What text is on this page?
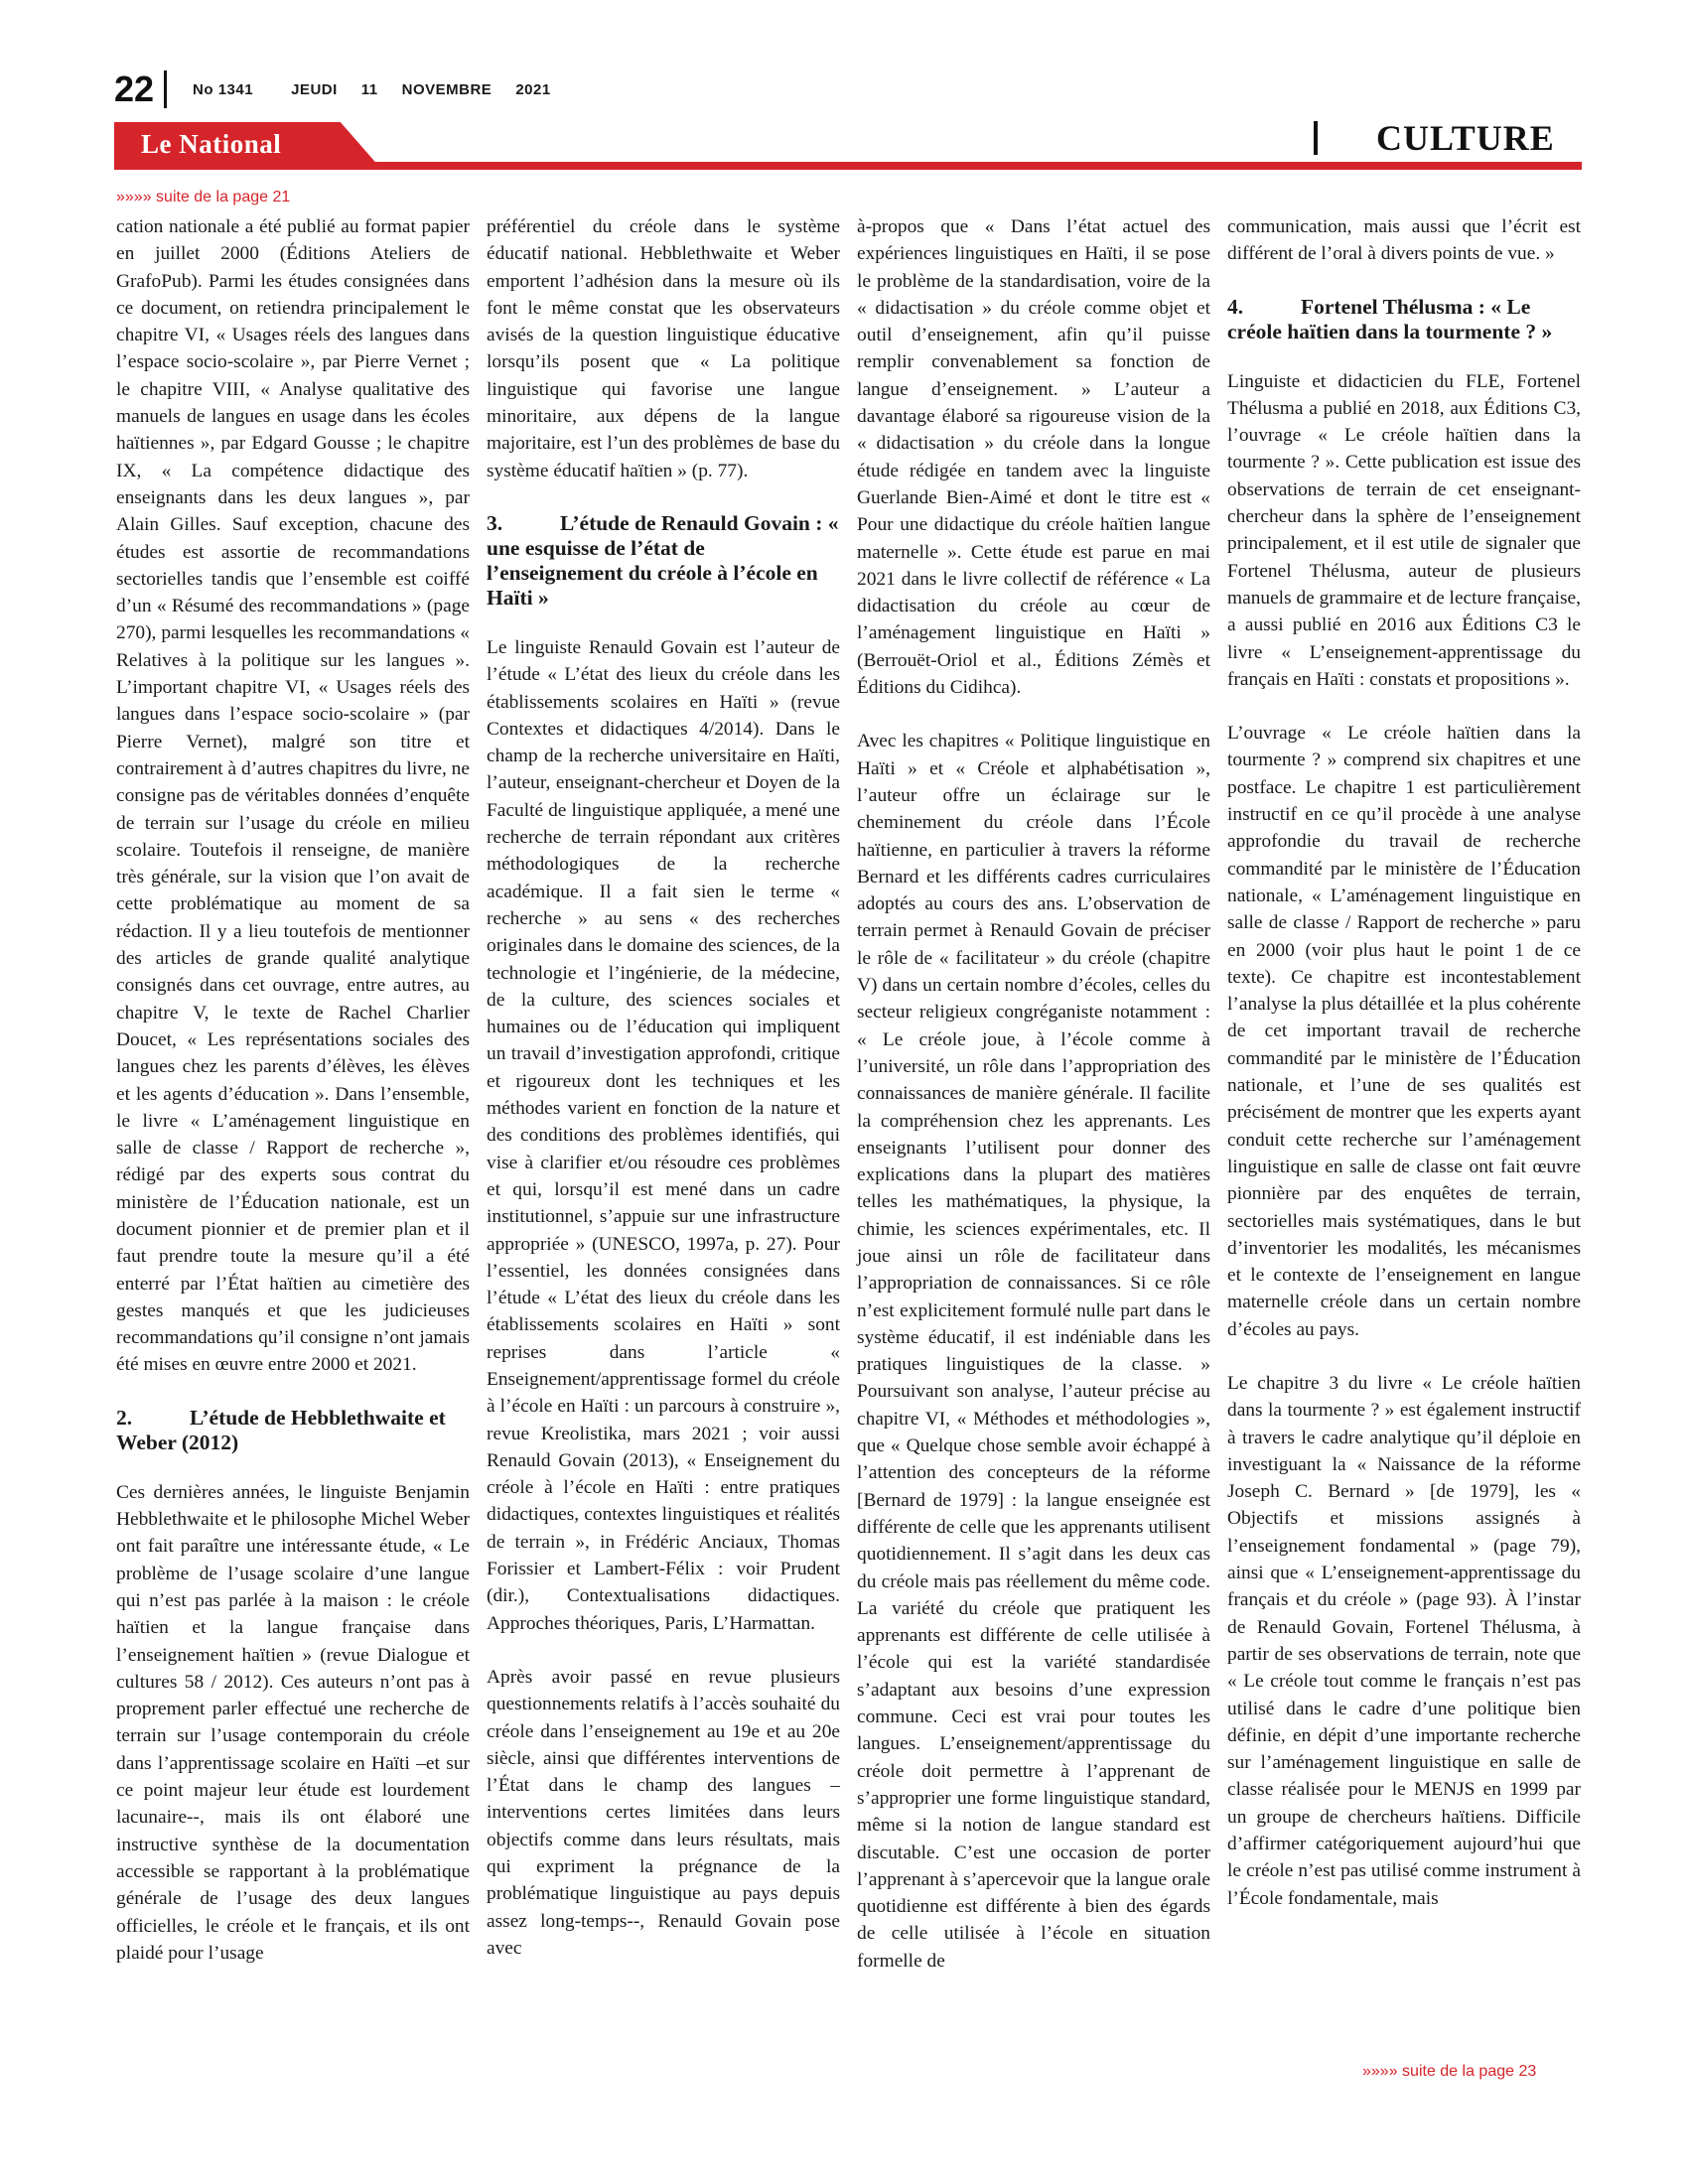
22	No 1341	JEUDI 11 NOVEMBRE 2021
Le National	CULTURE
»»»» suite de la page 21

cation nationale a été publié au format papier en juillet 2000 (Éditions Ateliers de GrafoPub). Parmi les études consignées dans ce document, on retiendra principalement le chapitre VI, « Usages réels des langues dans l’espace socio-scolaire », par Pierre Vernet ; le chapitre VIII, « Analyse qualitative des manuels de langues en usage dans les écoles haïtiennes », par Edgard Gousse ; le chapitre IX, « La compétence didactique des enseignants dans les deux langues », par Alain Gilles. Sauf exception, chacune des études est assortie de recommandations sectorielles tandis que l’ensemble est coiffé d’un « Résumé des recommandations » (page 270), parmi lesquelles les recommandations « Relatives à la politique sur les langues ». L’important chapitre VI, « Usages réels des langues dans l’espace socio-scolaire » (par Pierre Vernet), malgré son titre et contrairement à d’autres chapitres du livre, ne consigne pas de véritables données d’enquête de terrain sur l’usage du créole en milieu scolaire. Toutefois il renseigne, de manière très générale, sur la vision que l’on avait de cette problématique au moment de sa rédaction. Il y a lieu toutefois de mentionner des articles de grande qualité analytique consignés dans cet ouvrage, entre autres, au chapitre V, le texte de Rachel Charlier Doucet, « Les représentations sociales des langues chez les parents d’élèves, les élèves et les agents d’éducation ». Dans l’ensemble, le livre « L’aménagement linguistique en salle de classe / Rapport de recherche », rédigé par des experts sous contrat du ministère de l’Éducation nationale, est un document pionnier et de premier plan et il faut prendre toute la mesure qu’il a été enterré par l’État haïtien au cimetière des gestes manqués et que les judicieuses recommandations qu’il consigne n’ont jamais été mises en œuvre entre 2000 et 2021.

2.	L’étude de Hebblethwaite et Weber (2012)

Ces dernières années, le linguiste Benjamin Hebblethwaite et le philosophe Michel Weber ont fait paraître une intéressante étude, « Le problème de l’usage scolaire d’une langue qui n’est pas parlée à la maison : le créole haïtien et la langue française dans l’enseignement haïtien » (revue Dialogue et cultures 58 / 2012). Ces auteurs n’ont pas à proprement parler effectué une recherche de terrain sur l’usage contemporain du créole dans l’apprentissage scolaire en Haïti –et sur ce point majeur leur étude est lourdement lacunaire--, mais ils ont élaboré une instructive synthèse de la documentation accessible se rapportant à la problématique générale de l’usage des deux langues officielles, le créole et le français, et ils ont plaidé pour l’usage

préférentiel du créole dans le système éducatif national. Hebblethwaite et Weber emportent l’adhésion dans la mesure où ils font le même constat que les observateurs avisés de la question linguistique éducative lorsqu’ils posent que « La politique linguistique qui favorise une langue minoritaire, aux dépens de la langue majoritaire, est l’un des problèmes de base du système éducatif haïtien » (p. 77).

3.	L’étude de Renauld Govain : « une esquisse de l’état de l’enseignement du créole à l’école en Haïti »

Le linguiste Renauld Govain est l’auteur de l’étude « L’état des lieux du créole dans les établissements scolaires en Haïti » (revue Contextes et didactiques 4/2014). Dans le champ de la recherche universitaire en Haïti, l’auteur, enseignant-chercheur et Doyen de la Faculté de linguistique appliquée, a mené une recherche de terrain répondant aux critères méthodologiques de la recherche académique. Il a fait sien le terme « recherche » au sens « des recherches originales dans le domaine des sciences, de la technologie et l’ingénierie, de la médecine, de la culture, des sciences sociales et humaines ou de l’éducation qui impliquent un travail d’investigation approfondi, critique et rigoureux dont les techniques et les méthodes varient en fonction de la nature et des conditions des problèmes identifiés, qui vise à clarifier et/ou résoudre ces problèmes et qui, lorsqu’il est mené dans un cadre institutionnel, s’appuie sur une infrastructure appropriée » (UNESCO, 1997a, p. 27). Pour l’essentiel, les données consignées dans l’étude « L’état des lieux du créole dans les établissements scolaires en Haïti » sont reprises dans l’article « Enseignement/apprentissage formel du créole à l’école en Haïti : un parcours à construire », revue Kreolistika, mars 2021 ; voir aussi Renauld Govain (2013), « Enseignement du créole à l’école en Haïti : entre pratiques didactiques, contextes linguistiques et réalités de terrain », in Frédéric Anciaux, Thomas Forissier et Lambert-Félix : voir Prudent (dir.), Contextualisations didactiques. Approches théoriques, Paris, L’Harmattan.

Après avoir passé en revue plusieurs questionnements relatifs à l’accès souhaité du créole dans l’enseignement au 19e et au 20e siècle, ainsi que différentes interventions de l’État dans le champ des langues –interventions certes limitées dans leurs objectifs comme dans leurs résultats, mais qui expriment la prégnance de la problématique linguistique au pays depuis assez long-temps--, Renauld Govain pose avec

à-propos que « Dans l’état actuel des expériences linguistiques en Haïti, il se pose le problème de la standardisation, voire de la « didactisation » du créole comme objet et outil d’enseignement, afin qu’il puisse remplir convenablement sa fonction de langue d’enseignement. » L’auteur a davantage élaboré sa rigoureuse vision de la « didactisation » du créole dans la longue étude rédigée en tandem avec la linguiste Guerlande Bien-Aimé et dont le titre est « Pour une didactique du créole haïtien langue maternelle ». Cette étude est parue en mai 2021 dans le livre collectif de référence « La didactisation du créole au cœur de l’aménagement linguistique en Haïti » (Berrouët-Oriol et al., Éditions Zémès et Éditions du Cidihca).

Avec les chapitres « Politique linguistique en Haïti » et « Créole et alphabétisation », l’auteur offre un éclairage sur le cheminement du créole dans l’École haïtienne, en particulier à travers la réforme Bernard et les différents cadres curriculaires adoptés au cours des ans. L’observation de terrain permet à Renauld Govain de préciser le rôle de « facilitateur » du créole (chapitre V) dans un certain nombre d’écoles, celles du secteur religieux congréganiste notamment : « Le créole joue, à l’école comme à l’université, un rôle dans l’appropriation des connaissances de manière générale. Il facilite la compréhension chez les apprenants. Les enseignants l’utilisent pour donner des explications dans la plupart des matières telles les mathématiques, la physique, la chimie, les sciences expérimentales, etc. Il joue ainsi un rôle de facilitateur dans l’appropriation de connaissances. Si ce rôle n’est explicitement formulé nulle part dans le système éducatif, il est indéniable dans les pratiques linguistiques de la classe. » Poursuivant son analyse, l’auteur précise au chapitre VI, « Méthodes et méthodologies », que « Quelque chose semble avoir échappé à l’attention des concepteurs de la réforme [Bernard de 1979] : la langue enseignée est différente de celle que les apprenants utilisent quotidiennement. Il s’agit dans les deux cas du créole mais pas réellement du même code. La variété du créole que pratiquent les apprenants est différente de celle utilisée à l’école qui est la variété standardisée s’adaptant aux besoins d’une expression commune. Ceci est vrai pour toutes les langues. L’enseignement/apprentissage du créole doit permettre à l’apprenant de s’approprier une forme linguistique standard, même si la notion de langue standard est discutable. C’est une occasion de porter l’apprenant à s’apercevoir que la langue orale quotidienne est différente à bien des égards de celle utilisée à l’école en situation formelle de

communication, mais aussi que l’écrit est différent de l’oral à divers points de vue. »

4.	Fortenel Thélusma : « Le créole haïtien dans la tourmente ? »

Linguiste et didacticien du FLE, Fortenel Thélusma a publié en 2018, aux Éditions C3, l’ouvrage « Le créole haïtien dans la tourmente ? ». Cette publication est issue des observations de terrain de cet enseignant-chercheur dans la sphère de l’enseignement principalement, et il est utile de signaler que Fortenel Thélusma, auteur de plusieurs manuels de grammaire et de lecture française, a aussi publié en 2016 aux Éditions C3 le livre « L’enseignement-apprentissage du français en Haïti : constats et propositions ».

L’ouvrage « Le créole haïtien dans la tourmente ? » comprend six chapitres et une postface. Le chapitre 1 est particulièrement instructif en ce qu’il procède à une analyse approfondie du travail de recherche commandité par le ministère de l’Éducation nationale, « L’aménagement linguistique en salle de classe / Rapport de recherche » paru en 2000 (voir plus haut le point 1 de ce texte). Ce chapitre est incontestablement l’analyse la plus détaillée et la plus cohérente de cet important travail de recherche commandité par le ministère de l’Éducation nationale, et l’une de ses qualités est précisément de montrer que les experts ayant conduit cette recherche sur l’aménagement linguistique en salle de classe ont fait œuvre pionnière par des enquêtes de terrain, sectorielles mais systématiques, dans le but d’inventorier les modalités, les mécanismes et le contexte de l’enseignement en langue maternelle créole dans un certain nombre d’écoles au pays.

Le chapitre 3 du livre « Le créole haïtien dans la tourmente ? » est également instructif à travers le cadre analytique qu’il déploie en investiguant la « Naissance de la réforme Joseph C. Bernard » [de 1979], les « Objectifs et missions assignés à l’enseignement fondamental » (page 79), ainsi que « L’enseignement-apprentissage du français et du créole » (page 93). À l’instar de Renauld Govain, Fortenel Thélusma, à partir de ses observations de terrain, note que « Le créole tout comme le français n’est pas utilisé dans le cadre d’une politique bien définie, en dépit d’une importante recherche sur l’aménagement linguistique en salle de classe réalisée pour le MENJS en 1999 par un groupe de chercheurs haïtiens. Difficile d’affirmer catégoriquement aujourd’hui que le créole n’est pas utilisé comme instrument à l’École fondamentale, mais

»»»» suite de la page 23
